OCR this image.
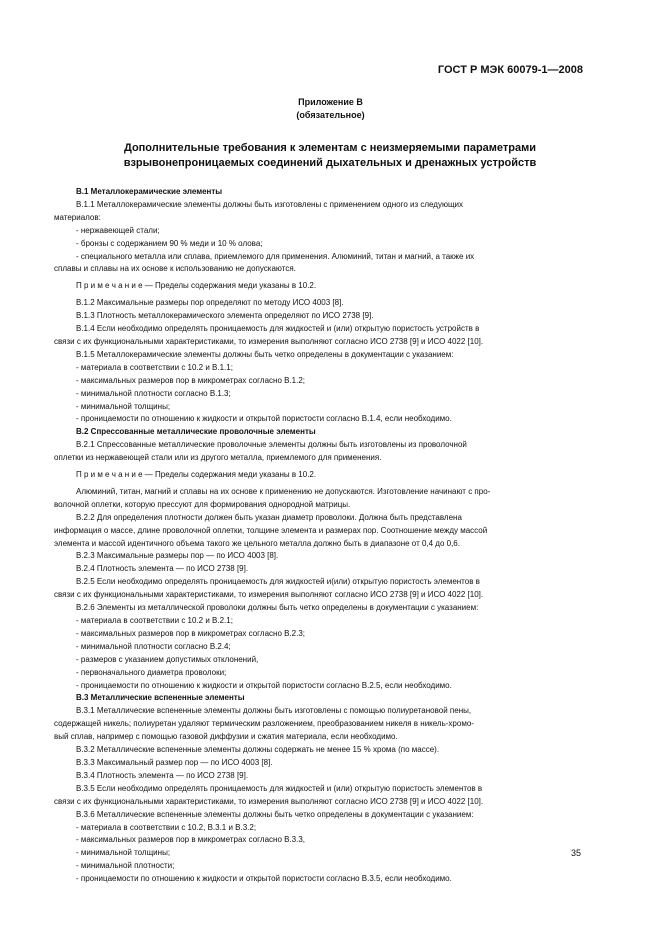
ГОСТ Р МЭК 60079-1—2008
Приложение В
(обязательное)
Дополнительные требования к элементам с неизмеряемыми параметрами
взрывонепроницаемых соединений дыхательных и дренажных устройств

В.1 Металлокерамические элементы

В.1.1 Металлокерамические элементы должны быть изготовлены с применением одного из следующих

материалов:

- нержавеющей стали;

- бронзы с содержанием 90 % меди и 10 % олова;

- специального металла или сплава, приемлемого для применения. Алюминий, титан и магний, а также их

сплавы и сплавы на их основе к использованию не допускаются.

П р и м е ч а н и е — Пределы содержания меди указаны в 10.2.

В.1.2 Максимальные размеры пор определяют по методу ИСО 4003 [8].

В.1.3 Плотность металлокерамического элемента определяют по ИСО 2738 [9].

В.1.4 Если необходимо определять проницаемость для жидкостей и (или) открытую пористость устройств в

связи с их функциональными характеристиками, то измерения выполняют согласно ИСО 2738 [9] и ИСО 4022 [10].

В.1.5 Металлокерамические элементы должны быть четко определены в документации с указанием:

- материала в соответствии с 10.2 и В.1.1;

- максимальных размеров пор в микрометрах согласно В.1.2;

- минимальной плотности согласно В.1.3;

- минимальной толщины;

- проницаемости по отношению к жидкости и открытой пористости согласно В.1.4, если необходимо.

В.2 Спрессованные металлические проволочные элементы

В.2.1 Спрессованные металлические проволочные элементы должны быть изготовлены из проволочной

оплетки из нержавеющей стали или из другого металла, приемлемого для применения.

П р и м е ч а н и е — Пределы содержания меди указаны в 10.2.

Алюминий, титан, магний и сплавы на их основе к применению не допускаются. Изготовление начинают с про-

волочной оплетки, которую прессуют для формирования однородной матрицы.

В.2.2 Для определения плотности должен быть указан диаметр проволоки. Должна быть представлена

информация о массе, длине проволочной оплетки, толщине элемента и размерах пор. Соотношение между массой

элемента и массой идентичного объема такого же цельного металла должно быть в диапазоне от 0,4 до 0,6.

В.2.3 Максимальные размеры пор — по ИСО 4003 [8].

В.2.4 Плотность элемента — по ИСО 2738 [9].

В.2.5 Если необходимо определять проницаемость для жидкостей и(или) открытую пористость элементов в

связи с их функциональными характеристиками, то измерения выполняют согласно ИСО 2738 [9] и ИСО 4022 [10].

В.2.6 Элементы из металлической проволоки должны быть четко определены в документации с указанием:

- материала в соответствии с 10.2 и В.2.1;

- максимальных размеров пор в микрометрах согласно В.2.3;

- минимальной плотности согласно В.2.4;

- размеров с указанием допустимых отклонений,

- первоначального диаметра проволоки;

- проницаемости по отношению к жидкости и открытой пористости согласно В.2.5, если необходимо.

В.3 Металлические вспененные элементы

В.3.1 Металлические вспененные элементы должны быть изготовлены с помощью полиуретановой пены,

содержащей никель; полиуретан удаляют термическим разложением, преобразованием никеля в никель-хромо-

вый сплав, например с помощью газовой диффузии и сжатия материала, если необходимо.

В.3.2 Металлические вспененные элементы должны содержать не менее 15 % хрома (по массе).

В.3.3 Максимальный размер пор — по ИСО 4003 [8].

В.3.4 Плотность элемента — по ИСО 2738 [9].

В.3.5 Если необходимо определять проницаемость для жидкостей и (или) открытую пористость элементов в

связи с их функциональными характеристиками, то измерения выполняют согласно ИСО 2738 [9] и ИСО 4022 [10].

В.3.6 Металлические вспененные элементы должны быть четко определены в документации с указанием:

- материала в соответствии с 10.2, В.3.1 и В.3.2;

- максимальных размеров пор в микрометрах согласно В.3.3,

- минимальной толщины;

- минимальной плотности;

- проницаемости по отношению к жидкости и открытой пористости согласно В.3.5, если необходимо.

35
